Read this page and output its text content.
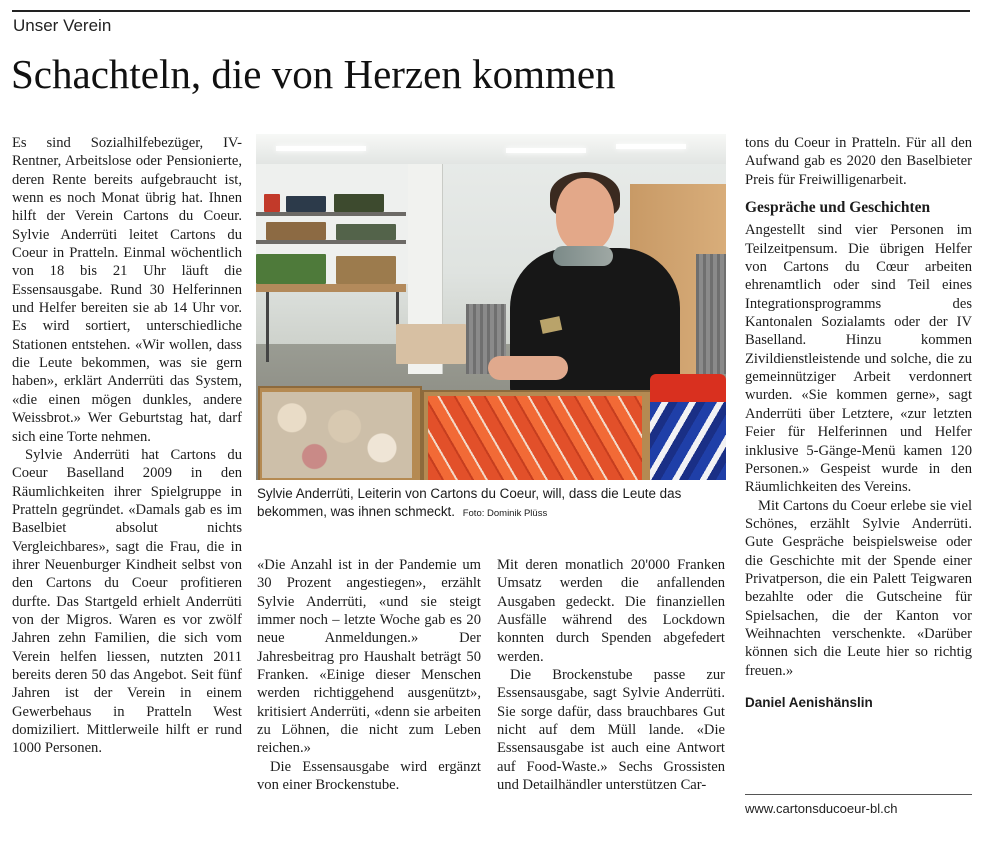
Unser Verein
Schachteln, die von Herzen kommen

Es sind Sozialhilfebezüger, IV-Rentner, Arbeitslose oder Pensionierte, deren Rente bereits aufgebraucht ist, wenn es noch Monat übrig hat. Ihnen hilft der Verein Cartons du Coeur. Sylvie Anderrüti leitet Cartons du Coeur in Pratteln. Einmal wöchentlich von 18 bis 21 Uhr läuft die Essensausgabe. Rund 30 Helferinnen und Helfer bereiten sie ab 14 Uhr vor. Es wird sortiert, unterschiedliche Stationen entstehen. «Wir wollen, dass die Leute bekommen, was sie gern haben», erklärt Anderrüti das System, «die einen mögen dunkles, andere Weissbrot.» Wer Geburtstag hat, darf sich eine Torte nehmen.

Sylvie Anderrüti hat Cartons du Coeur Baselland 2009 in den Räumlichkeiten ihrer Spielgruppe in Pratteln gegründet. «Damals gab es im Baselbiet absolut nichts Vergleichbares», sagt die Frau, die in ihrer Neuenburger Kindheit selbst von den Cartons du Coeur profitieren durfte. Das Startgeld erhielt Anderrüti von der Migros. Waren es vor zwölf Jahren zehn Familien, die sich vom Verein helfen liessen, nutzten 2011 bereits deren 50 das Angebot. Seit fünf Jahren ist der Verein in einem Gewerbehaus in Pratteln West domiziliert. Mittlerweile hilft er rund 1000 Personen.

Sylvie Anderrüti, Leiterin von Cartons du Coeur, will, dass die Leute das bekommen, was ihnen schmeckt. Foto: Dominik Plüss

«Die Anzahl ist in der Pandemie um 30 Prozent angestiegen», erzählt Sylvie Anderrüti, «und sie steigt immer noch – letzte Woche gab es 20 neue Anmeldungen.» Der Jahresbeitrag pro Haushalt beträgt 50 Franken. «Einige dieser Menschen werden richtiggehend ausgenützt», kritisiert Anderrüti, «denn sie arbeiten zu Löhnen, die nicht zum Leben reichen.»

Die Essensausgabe wird ergänzt von einer Brockenstube.

Mit deren monatlich 20'000 Franken Umsatz werden die anfallenden Ausgaben gedeckt. Die finanziellen Ausfälle während des Lockdown konnten durch Spenden abgefedert werden.

Die Brockenstube passe zur Essensausgabe, sagt Sylvie Anderrüti. Sie sorge dafür, dass brauchbares Gut nicht auf dem Müll lande. «Die Essensausgabe ist auch eine Antwort auf Food-Waste.» Sechs Grossisten und Detailhändler unterstützen Car-

tons du Coeur in Pratteln. Für all den Aufwand gab es 2020 den Baselbieter Preis für Freiwilligenarbeit.

Gespräche und Geschichten

Angestellt sind vier Personen im Teilzeitpensum. Die übrigen Helfer von Cartons du Cœur arbeiten ehrenamtlich oder sind Teil eines Integrationsprogramms des Kantonalen Sozialamts oder der IV Baselland. Hinzu kommen Zivildienstleistende und solche, die zu gemeinnütziger Arbeit verdonnert wurden. «Sie kommen gerne», sagt Anderrüti über Letztere, «zur letzten Feier für Helferinnen und Helfer inklusive 5-Gänge-Menü kamen 120 Personen.» Gespeist wurde in den Räumlichkeiten des Vereins.

Mit Cartons du Coeur erlebe sie viel Schönes, erzählt Sylvie Anderrüti. Gute Gespräche beispielsweise oder die Geschichte mit der Spende einer Privatperson, die ein Palett Teigwaren bezahlte oder die Gutscheine für Spielsachen, die der Kanton vor Weihnachten verschenkte. «Darüber können sich die Leute hier so richtig freuen.»

Daniel Aenishänslin

www.cartonsducoeur-bl.ch
